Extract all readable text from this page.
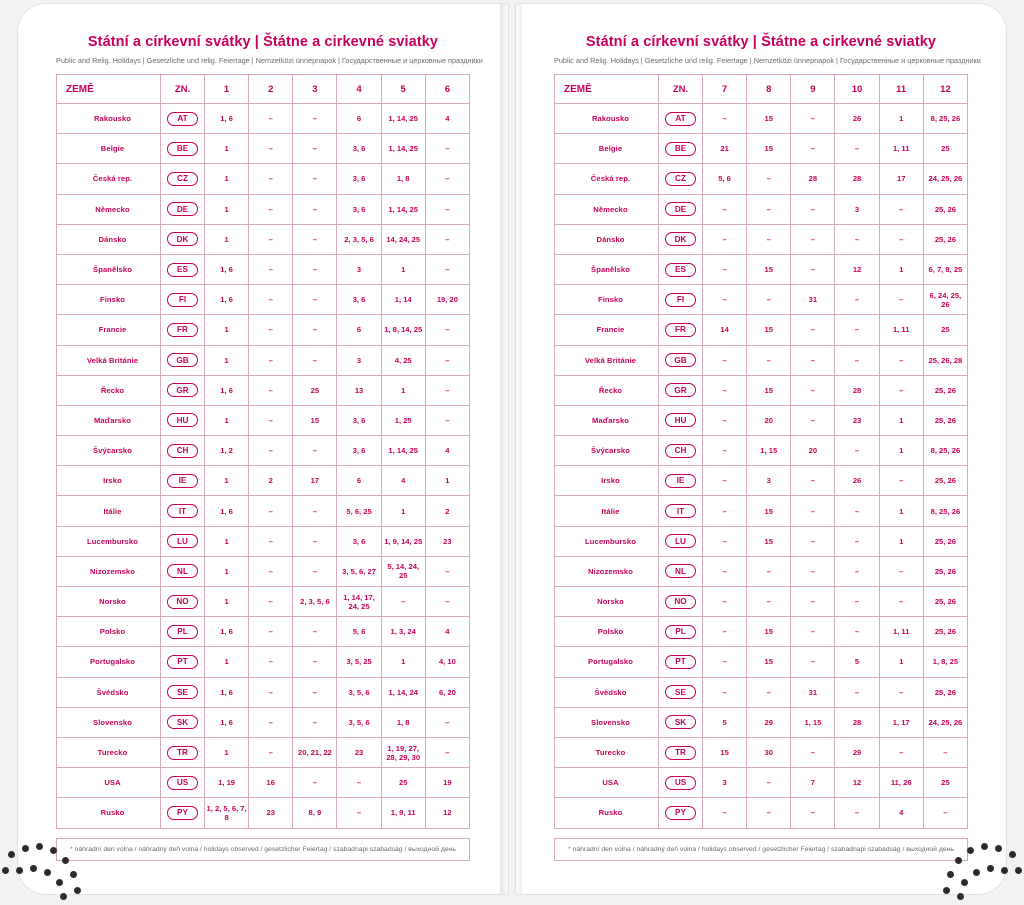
Státní a církevní svátky | Štátne a cirkevné sviatky
Public and Relig. Holidays | Gesetzliche und relig. Feiertage | Nemzetközi ünnepnapok | Государственные и церковные праздники
ZEMĚ	ZN.	1	2	3	4	5	6
Rakousko	AT	1, 6	–	–	6	1, 14, 25	4
Belgie	BE	1	–	–	3, 6	1, 14, 25	–
Česká rep.	CZ	1	–	–	3, 6	1, 8	–
Německo	DE	1	–	–	3, 6	1, 14, 25	–
Dánsko	DK	1	–	–	2, 3, 5, 6	14, 24, 25	–
Španělsko	ES	1, 6	–	–	3	1	–
Finsko	FI	1, 6	–	–	3, 6	1, 14	19, 20
Francie	FR	1	–	–	6	1, 8, 14, 25	–
Velká Británie	GB	1	–	–	3	4, 25	–
Řecko	GR	1, 6	–	25	13	1	–
Maďarsko	HU	1	–	15	3, 6	1, 25	–
Švýcarsko	CH	1, 2	–	–	3, 6	1, 14, 25	4
Irsko	IE	1	2	17	6	4	1
Itálie	IT	1, 6	–	–	5, 6, 25	1	2
Lucembursko	LU	1	–	–	3, 6	1, 9, 14, 25	23
Nizozemsko	NL	1	–	–	3, 5, 6, 27	5, 14, 24, 25	–
Norsko	NO	1	–	2, 3, 5, 6	1, 14, 17, 24, 25	–	–
Polsko	PL	1, 6	–	–	5, 6	1, 3, 24	4
Portugalsko	PT	1	–	–	3, 5, 25	1	4, 10
Švédsko	SE	1, 6	–	–	3, 5, 6	1, 14, 24	6, 20
Slovensko	SK	1, 6	–	–	3, 5, 6	1, 8	–
Turecko	TR	1	–	20, 21, 22	23	1, 19, 27, 28, 29, 30	–
USA	US	1, 19	16	–	–	25	19
Rusko	PY	1, 2, 5, 6, 7, 8	23	8, 9	–	1, 9, 11	12
* náhradní den volna / náhradný deň volna / holidays observed / gesetzlicher Feiertag / szabadnapi szabadság / выходной день
Státní a církevní svátky | Štátne a cirkevné sviatky
Public and Relig. Holidays | Gesetzliche und relig. Feiertage | Nemzetközi ünnepnapok | Государственные и церковные праздники
ZEMĚ	ZN.	7	8	9	10	11	12
Rakousko	AT	–	15	–	26	1	8, 25, 26
Belgie	BE	21	15	–	–	1, 11	25
Česká rep.	CZ	5, 6	–	28	28	17	24, 25, 26
Německo	DE	–	–	–	3	–	25, 26
Dánsko	DK	–	–	–	–	–	25, 26
Španělsko	ES	–	15	–	12	1	6, 7, 8, 25
Finsko	FI	–	–	31	–	–	6, 24, 25, 26
Francie	FR	14	15	–	–	1, 11	25
Velká Británie	GB	–	–	–	–	–	25, 26, 28
Řecko	GR	–	15	–	28	–	25, 26
Maďarsko	HU	–	20	–	23	1	25, 26
Švýcarsko	CH	–	1, 15	20	–	1	8, 25, 26
Irsko	IE	–	3	–	26	–	25, 26
Itálie	IT	–	15	–	–	1	8, 25, 26
Lucembursko	LU	–	15	–	–	1	25, 26
Nizozemsko	NL	–	–	–	–	–	25, 26
Norsko	NO	–	–	–	–	–	25, 26
Polsko	PL	–	15	–	–	1, 11	25, 26
Portugalsko	PT	–	15	–	5	1	1, 8, 25
Švédsko	SE	–	–	31	–	–	25, 26
Slovensko	SK	5	29	1, 15	28	1, 17	24, 25, 26
Turecko	TR	15	30	–	29	–	–
USA	US	3	–	7	12	11, 26	25
Rusko	PY	–	–	–	–	4	–
* náhradní den volna / náhradný deň volna / holidays observed / gesetzlicher Feiertag / szabadnapi szabadság / выходной день
